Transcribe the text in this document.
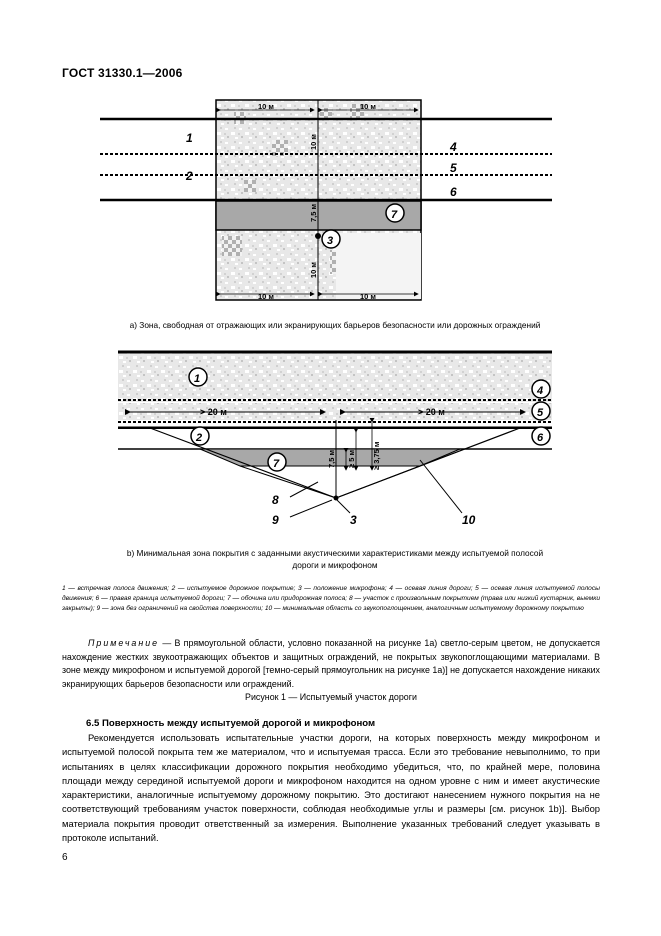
ГОСТ 31330.1—2006
10 м	10 м
10 м	10 м
10 м
7,5 м
10 м
1
2
4
5
6
7
3
> 20 м	> 20 м
7,5 м ≥ 5 м ≥ 3,75 м
1
2
7
4
5
6
8
9	3	10
а) Зона, свободная от отражающих или экранирующих барьеров безопасности или дорожных ограждений
b) Минимальная зона покрытия с заданными акустическими характеристиками между испытуемой полосой
дороги и микрофоном
1 — встречная полоса движения; 2 — испытуемое дорожное покрытие; 3 — положение микрофона; 4 — осевая линия дороги; 5 — осевая линия испытуемой полосы движения; 6 — правая граница испытуемой дороги; 7 — обочина или придорожная полоса; 8 — участок с произвольным покрытием (трава или низкий кустарник, выемки закрыты); 9 — зона без ограничений на свойства поверхности; 10 — минимальная область со звукопоглощением, аналогичным испытуемому дорожному покрытию
Примечание — В прямоугольной области, условно показанной на рисунке 1а) светло-серым цветом, не допускается нахождение жестких звукоотражающих объектов и защитных ограждений, не покрытых звукопоглощающими материалами. В зоне между микрофоном и испытуемой дорогой [темно-серый прямоугольник на рисунке 1а)] не допускается нахождение никаких экранирующих барьеров безопасности или ограждений.
Рисунок 1 — Испытуемый участок дороги
6.5 Поверхность между испытуемой дорогой и микрофоном
Рекомендуется использовать испытательные участки дороги, на которых поверхность между микрофоном и испытуемой полосой покрыта тем же материалом, что и испытуемая трасса. Если это требование невыполнимо, то при испытаниях в целях классификации дорожного покрытия необходимо убедиться, что, по крайней мере, половина площади между серединой испытуемой дороги и микрофоном находится на одном уровне с ним и имеет акустические характеристики, аналогичные испытуемому дорожному покрытию. Это достигают нанесением нужного покрытия на не соответствующий требованиям участок поверхности, соблюдая необходимые углы и размеры [см. рисунок 1b)]. Выбор материала покрытия проводит ответственный за измерения. Выполнение указанных требований следует указывать в протоколе испытаний.
6
